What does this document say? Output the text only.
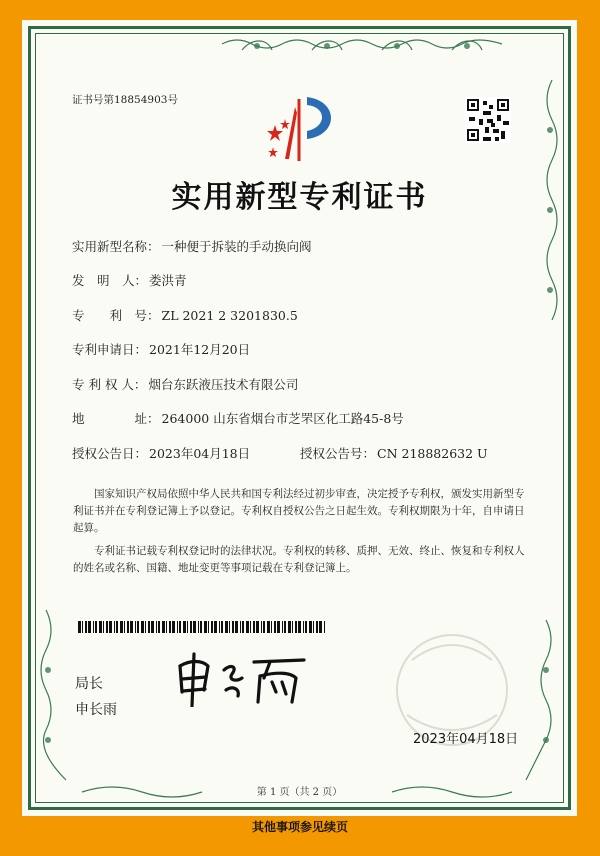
证书号第18854903号
实用新型专利证书
实用新型名称： 一种便于拆装的手动换向阀
发　明　人： 娄洪青
专　　利　号： ZL 2021 2 3201830.5
专利申请日： 2021年12月20日
专 利 权 人： 烟台东跃液压技术有限公司
地　　　　址： 264000 山东省烟台市芝罘区化工路45-8号
授权公告日： 2023年04月18日	授权公告号： CN 218882632 U
国家知识产权局依照中华人民共和国专利法经过初步审查，决定授予专利权，颁发实用新型专利证书并在专利登记簿上予以登记。专利权自授权公告之日起生效。专利权期限为十年，自申请日起算。
专利证书记载专利权登记时的法律状况。专利权的转移、质押、无效、终止、恢复和专利权人的姓名或名称、国籍、地址变更等事项记载在专利登记簿上。
局长
申长雨
2023年04月18日
第 1 页（共 2 页）
其他事项参见续页
